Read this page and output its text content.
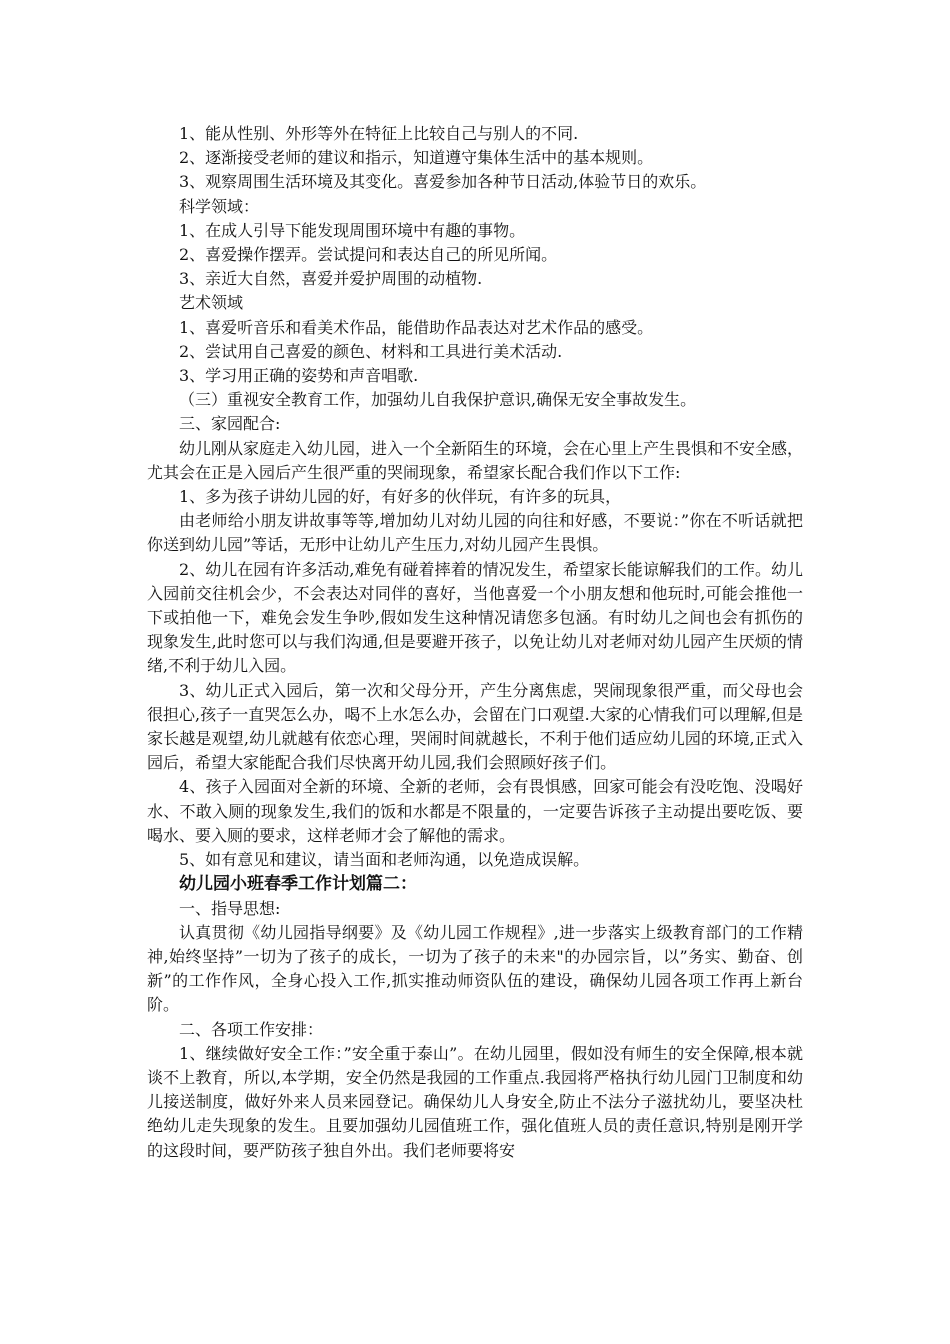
1、能从性别、外形等外在特征上比较自己与别人的不同.

2、逐渐接受老师的建议和指示，知道遵守集体生活中的基本规则。

3、观察周围生活环境及其变化。喜爱参加各种节日活动,体验节日的欢乐。

科学领域：

1、在成人引导下能发现周围环境中有趣的事物。

2、喜爱操作摆弄。尝试提问和表达自己的所见所闻。

3、亲近大自然，喜爱并爱护周围的动植物.

艺术领域

1、喜爱听音乐和看美术作品，能借助作品表达对艺术作品的感受。

2、尝试用自己喜爱的颜色、材料和工具进行美术活动.

3、学习用正确的姿势和声音唱歌.

（三）重视安全教育工作，加强幼儿自我保护意识,确保无安全事故发生。

三、家园配合:

幼儿刚从家庭走入幼儿园，进入一个全新陌生的环境，会在心里上产生畏惧和不安全感，尤其会在正是入园后产生很严重的哭闹现象，希望家长配合我们作以下工作:

1、多为孩子讲幼儿园的好，有好多的伙伴玩，有许多的玩具，

由老师给小朋友讲故事等等,增加幼儿对幼儿园的向往和好感，不要说：”你在不听话就把你送到幼儿园”等话，无形中让幼儿产生压力,对幼儿园产生畏惧。

2、幼儿在园有许多活动,难免有碰着摔着的情况发生，希望家长能谅解我们的工作。幼儿入园前交往机会少，不会表达对同伴的喜好，当他喜爱一个小朋友想和他玩时,可能会推他一下或拍他一下，难免会发生争吵,假如发生这种情况请您多包涵。有时幼儿之间也会有抓伤的现象发生,此时您可以与我们沟通,但是要避开孩子，以免让幼儿对老师对幼儿园产生厌烦的情绪,不利于幼儿入园。

3、幼儿正式入园后，第一次和父母分开，产生分离焦虑，哭闹现象很严重，而父母也会很担心,孩子一直哭怎么办，喝不上水怎么办，会留在门口观望.大家的心情我们可以理解,但是家长越是观望,幼儿就越有依恋心理，哭闹时间就越长，不利于他们适应幼儿园的环境,正式入园后，希望大家能配合我们尽快离开幼儿园,我们会照顾好孩子们。

4、孩子入园面对全新的环境、全新的老师，会有畏惧感，回家可能会有没吃饱、没喝好水、不敢入厕的现象发生,我们的饭和水都是不限量的，一定要告诉孩子主动提出要吃饭、要喝水、要入厕的要求，这样老师才会了解他的需求。

5、如有意见和建议，请当面和老师沟通，以免造成误解。

幼儿园小班春季工作计划篇二：

一、指导思想:

认真贯彻《幼儿园指导纲要》及《幼儿园工作规程》,进一步落实上级教育部门的工作精神,始终坚持”一切为了孩子的成长，一切为了孩子的未来"的办园宗旨，以”务实、勤奋、创新”的工作作风，全身心投入工作,抓实推动师资队伍的建设，确保幼儿园各项工作再上新台阶。

二、各项工作安排：

1、继续做好安全工作：”安全重于泰山”。在幼儿园里，假如没有师生的安全保障,根本就谈不上教育，所以,本学期，安全仍然是我园的工作重点.我园将严格执行幼儿园门卫制度和幼儿接送制度，做好外来人员来园登记。确保幼儿人身安全,防止不法分子滋扰幼儿，要坚决杜绝幼儿走失现象的发生。且要加强幼儿园值班工作，强化值班人员的责任意识,特别是刚开学的这段时间，要严防孩子独自外出。我们老师要将安
